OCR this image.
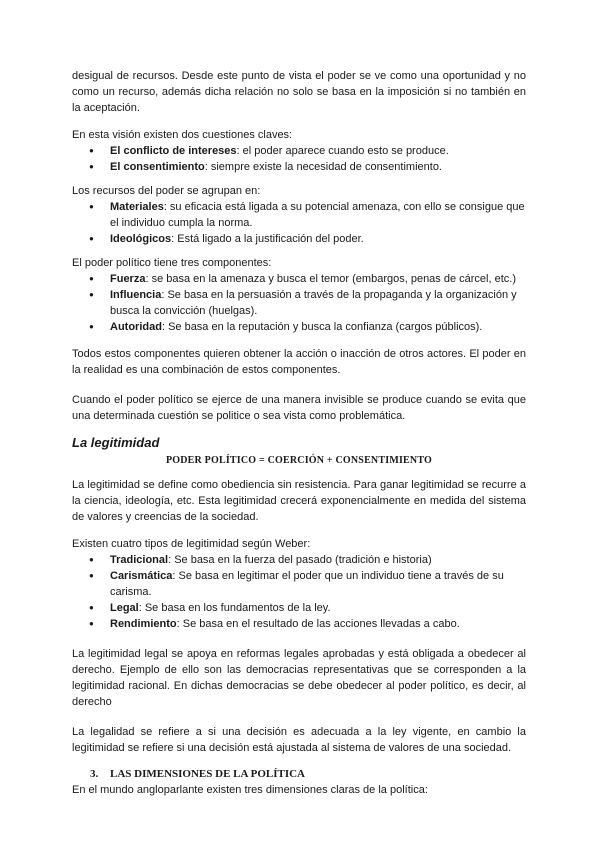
desigual de recursos. Desde este punto de vista el poder se ve como una oportunidad y no como un recurso, además dicha relación no solo se basa en la imposición si no también en la aceptación.

En esta visión existen dos cuestiones claves:

● El conflicto de intereses: el poder aparece cuando esto se produce.
● El consentimiento: siempre existe la necesidad de consentimiento.

Los recursos del poder se agrupan en:

● Materiales: su eficacia está ligada a su potencial amenaza, con ello se consigue que el individuo cumpla la norma.
● Ideológicos: Está ligado a la justificación del poder.

El poder político tiene tres componentes:

● Fuerza: se basa en la amenaza y busca el temor (embargos, penas de cárcel, etc.)
● Influencia: Se basa en la persuasión a través de la propaganda y la organización y busca la convicción (huelgas).
● Autoridad: Se basa en la reputación y busca la confianza (cargos públicos).

Todos estos componentes quieren obtener la acción o inacción de otros actores. El poder en la realidad es una combinación de estos componentes.

Cuando el poder político se ejerce de una manera invisible se produce cuando se evita que una determinada cuestión se politice o sea vista como problemática.

La legitimidad

PODER POLÍTICO = COERCIÓN + CONSENTIMIENTO

La legitimidad se define como obediencia sin resistencia. Para ganar legitimidad se recurre a la ciencia, ideología, etc. Esta legitimidad crecerá exponencialmente en medida del sistema de valores y creencias de la sociedad.

Existen cuatro tipos de legitimidad según Weber:

● Tradicional: Se basa en la fuerza del pasado (tradición e historia)
● Carismática: Se basa en legitimar el poder que un individuo tiene a través de su carisma.
● Legal: Se basa en los fundamentos de la ley.
● Rendimiento: Se basa en el resultado de las acciones llevadas a cabo.

La legitimidad legal se apoya en reformas legales aprobadas y está obligada a obedecer al derecho. Ejemplo de ello son las democracias representativas que se corresponden a la legitimidad racional. En dichas democracias se debe obedecer al poder político, es decir, al derecho

La legalidad se refiere a si una decisión es adecuada a la ley vigente, en cambio la legitimidad se refiere si una decisión está ajustada al sistema de valores de una sociedad.

3. LAS DIMENSIONES DE LA POLÍTICA

En el mundo angloparlante existen tres dimensiones claras de la política:
